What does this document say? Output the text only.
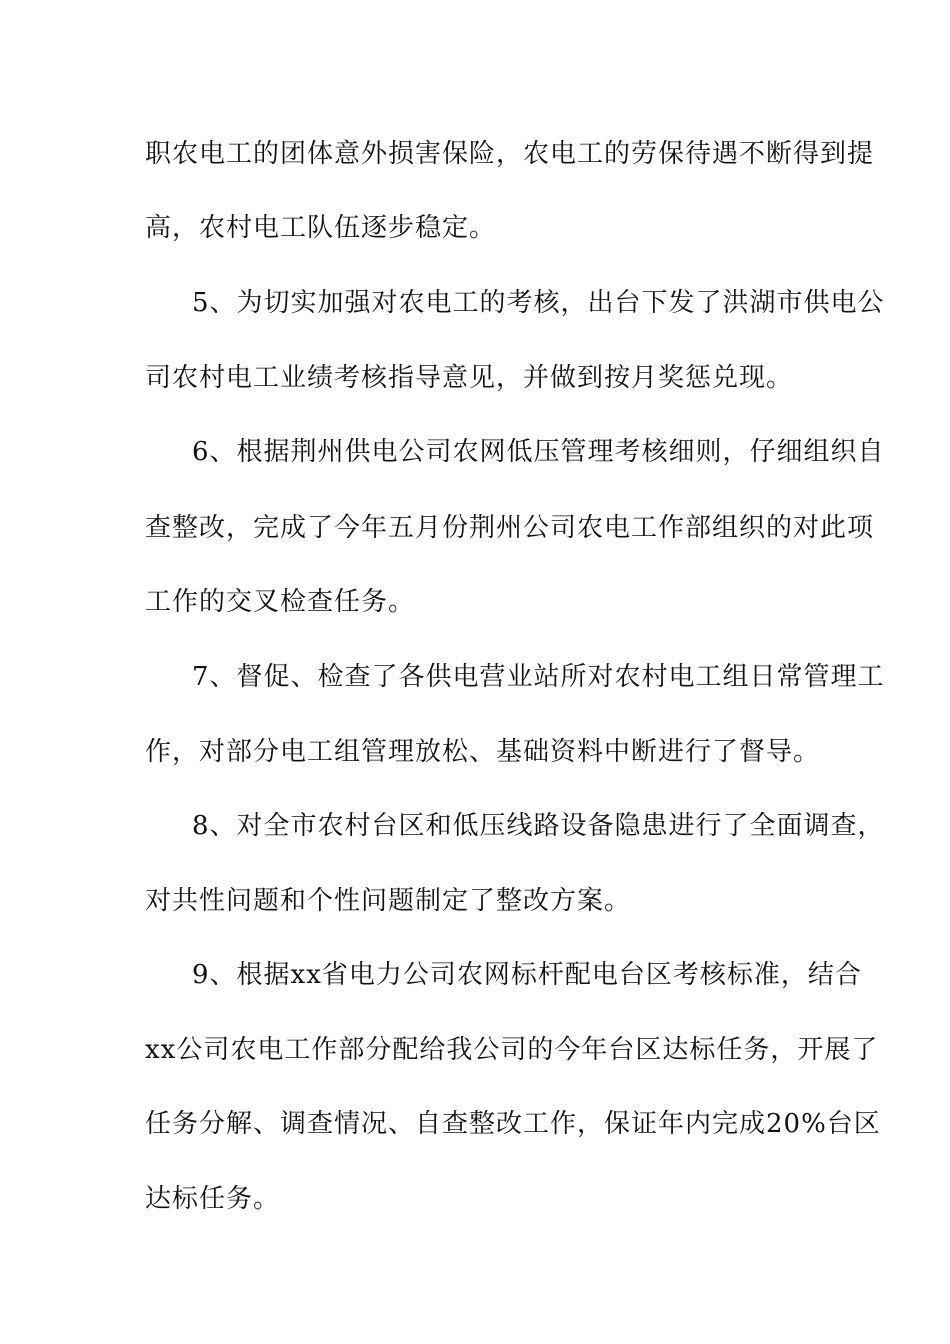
职农电工的团体意外损害保险，农电工的劳保待遇不断得到提
高，农村电工队伍逐步稳定。
5、为切实加强对农电工的考核，出台下发了洪湖市供电公
司农村电工业绩考核指导意见，并做到按月奖惩兑现。
6、根据荆州供电公司农网低压管理考核细则，仔细组织自
查整改，完成了今年五月份荆州公司农电工作部组织的对此项
工作的交叉检查任务。
7、督促、检查了各供电营业站所对农村电工组日常管理工
作，对部分电工组管理放松、基础资料中断进行了督导。
8、对全市农村台区和低压线路设备隐患进行了全面调查，
对共性问题和个性问题制定了整改方案。
9、根据xx省电力公司农网标杆配电台区考核标准，结合
xx公司农电工作部分配给我公司的今年台区达标任务，开展了
任务分解、调查情况、自查整改工作，保证年内完成20%台区
达标任务。
